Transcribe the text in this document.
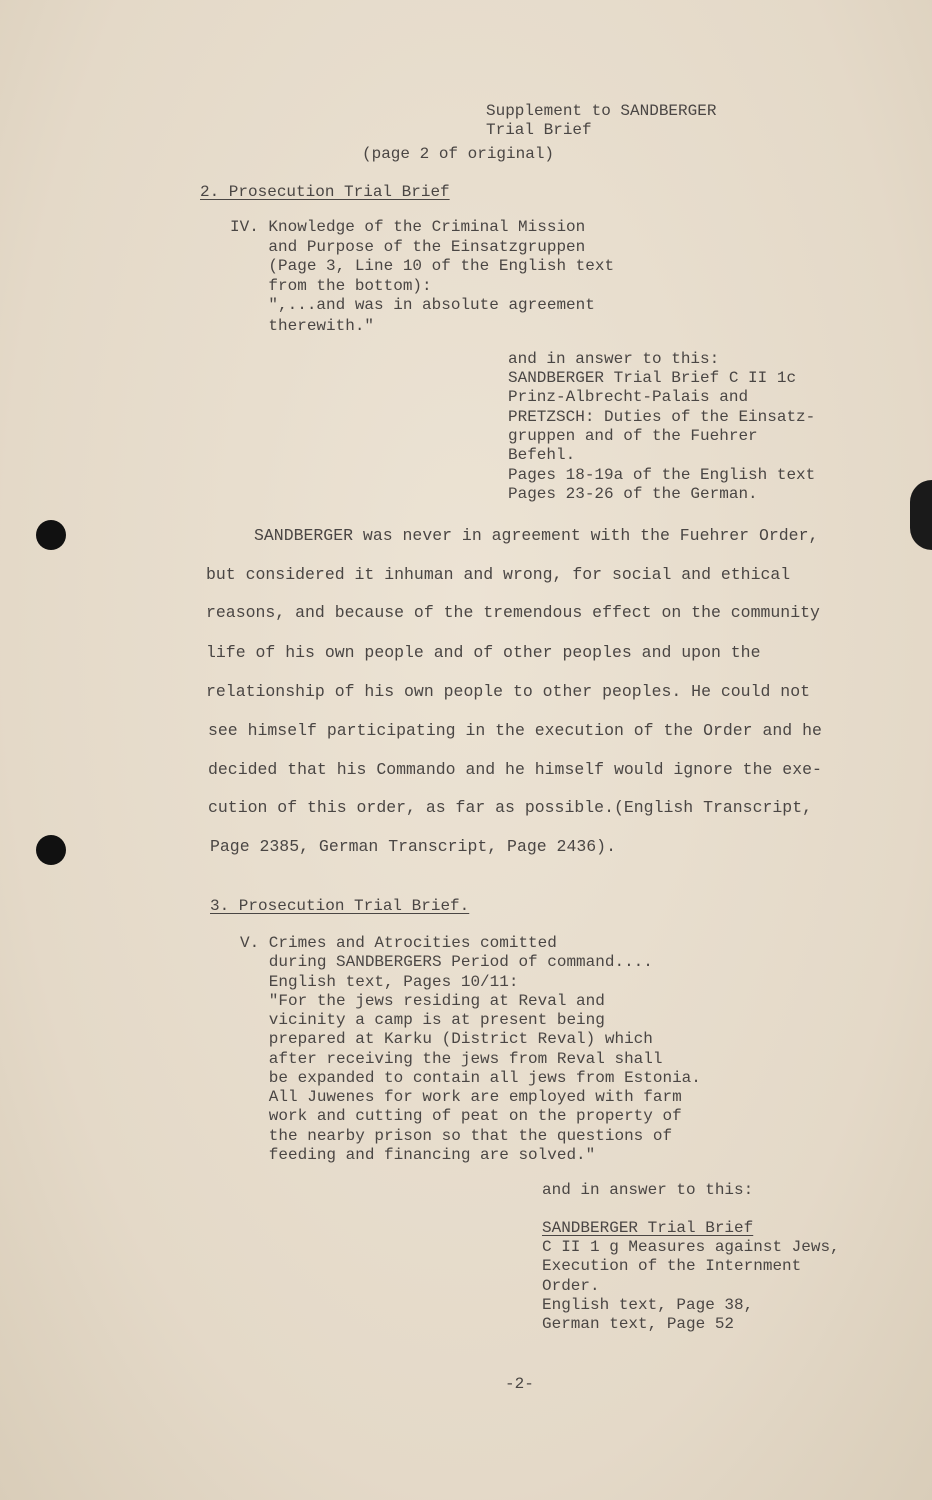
Supplement to SANDBERGER
Trial Brief
(page 2 of original)
2. Prosecution Trial Brief
IV. Knowledge of the Criminal Mission
and Purpose of the Einsatzgruppen
(Page 3, Line 10 of the English text
from the bottom):
",...and was in absolute agreement
therewith."
and in answer to this:
SANDBERGER Trial Brief C II 1c
Prinz-Albrecht-Palais and
PRETZSCH: Duties of the Einsatz-
gruppen and of the Fuehrer
Befehl.
Pages 18-19a of the English text
Pages 23-26 of the German.
SANDBERGER was never in agreement with the Fuehrer Order,
but considered it inhuman and wrong, for social and ethical
reasons, and because of the tremendous effect on the community
life of his own people and of other peoples and upon the
relationship of his own people to other peoples. He could not
see himself participating in the execution of the Order and he
decided that his Commando and he himself would ignore the exe-
cution of this order, as far as possible.(English Transcript,
Page 2385, German Transcript, Page 2436).
3. Prosecution Trial Brief.
V. Crimes and Atrocities comitted
during SANDBERGERS Period of command....
English text, Pages 10/11:
"For the jews residing at Reval and
vicinity a camp is at present being
prepared at Karku (District Reval) which
after receiving the jews from Reval shall
be expanded to contain all jews from Estonia.
All Juwenes for work are employed with farm
work and cutting of peat on the property of
the nearby prison so that the questions of
feeding and financing are solved."
and in answer to this:
SANDBERGER Trial Brief
C II 1 g Measures against Jews,
Execution of the Internment
Order.
English text, Page 38,
German text, Page 52
-2-
